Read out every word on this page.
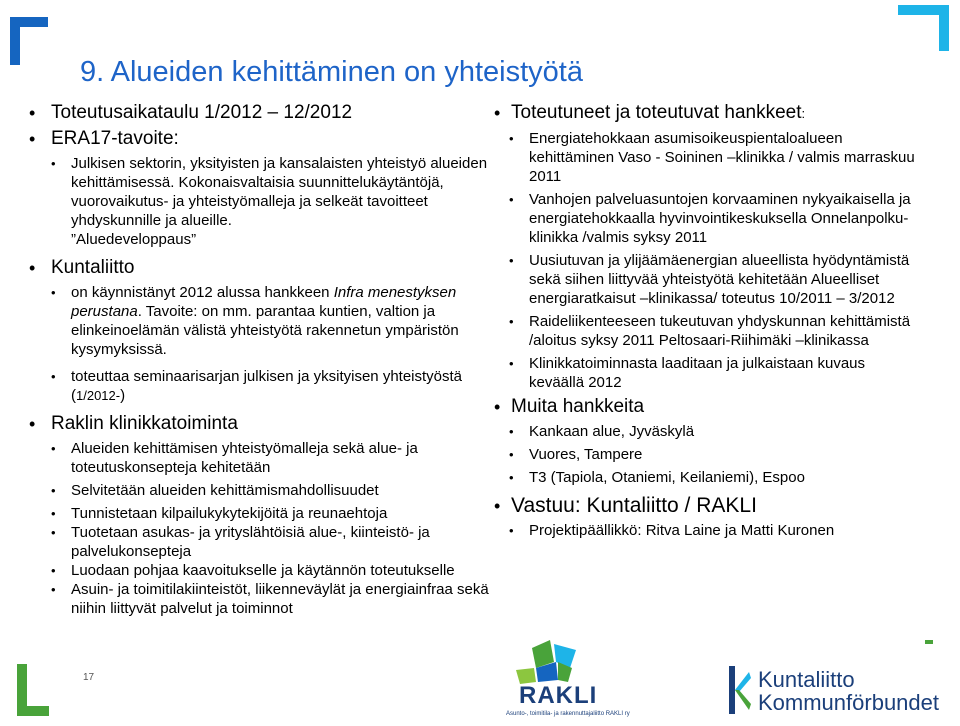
9. Alueiden kehittäminen on yhteistyötä
• Toteutusaikataulu 1/2012 – 12/2012
• ERA17-tavoite:
• Julkisen sektorin, yksityisten ja kansalaisten yhteistyö alueiden kehittämisessä. Kokonaisvaltaisia suunnittelukäytäntöjä, vuorovaikutus- ja yhteistyömalleja ja selkeät tavoitteet yhdyskunnille ja alueille.
”Aluedeveloppaus”
• Kuntaliitto
• on käynnistänyt 2012 alussa hankkeen Infra menestyksen perustana. Tavoite: on mm. parantaa kuntien, valtion ja elinkeinoelämän välistä yhteistyötä rakennetun ympäristön kysymyksissä.
• toteuttaa seminaarisarjan julkisen ja yksityisen yhteistyöstä (1/2012-)
• Raklin klinikkatoiminta
• Alueiden kehittämisen yhteistyömalleja sekä alue- ja toteutuskonsepteja kehitetään
• Selvitetään alueiden kehittämismahdollisuudet
• Tunnistetaan kilpailukykytekijöitä ja reunaehtoja
• Tuotetaan asukas- ja yrityslähtöisiä alue-, kiinteistö- ja palvelukonsepteja
• Luodaan pohjaa kaavoitukselle ja käytännön toteutukselle
• Asuin- ja toimitilakiinteistöt, liikenneväylät ja energiainfraa sekä niihin liittyvät palvelut ja toiminnot
• Toteutuneet ja toteutuvat hankkeet:
• Energiatehokkaan asumisoikeuspientaloalueen kehittäminen Vaso - Soininen –klinikka / valmis marraskuu 2011
• Vanhojen palveluasuntojen korvaaminen nykyaikaisella ja energiatehokkaalla hyvinvointikeskuksella Onnelanpolku-klinikka /valmis syksy 2011
• Uusiutuvan ja ylijäämäenergian alueellista hyödyntämistä sekä siihen liittyvää yhteistyötä kehitetään Alueelliset energiaratkaisut –klinikassa/ toteutus 10/2011 – 3/2012
• Raideliikenteeseen tukeutuvan yhdyskunnan kehittämistä /aloitus syksy 2011 Peltosaari-Riihimäki –klinikassa
• Klinikkatoiminnasta laaditaan ja julkaistaan kuvaus keväällä 2012
• Muita hankkeita
• Kankaan alue, Jyväskylä
• Vuores, Tampere
• T3 (Tapiola, Otaniemi, Keilaniemi), Espoo
• Vastuu: Kuntaliitto / RAKLI
• Projektipäällikkö: Ritva Laine ja Matti Kuronen
RAKLI
Asunto-, toimitila- ja rakennuttajaliitto RAKLI ry
Kuntaliitto
Kommunförbundet
17
